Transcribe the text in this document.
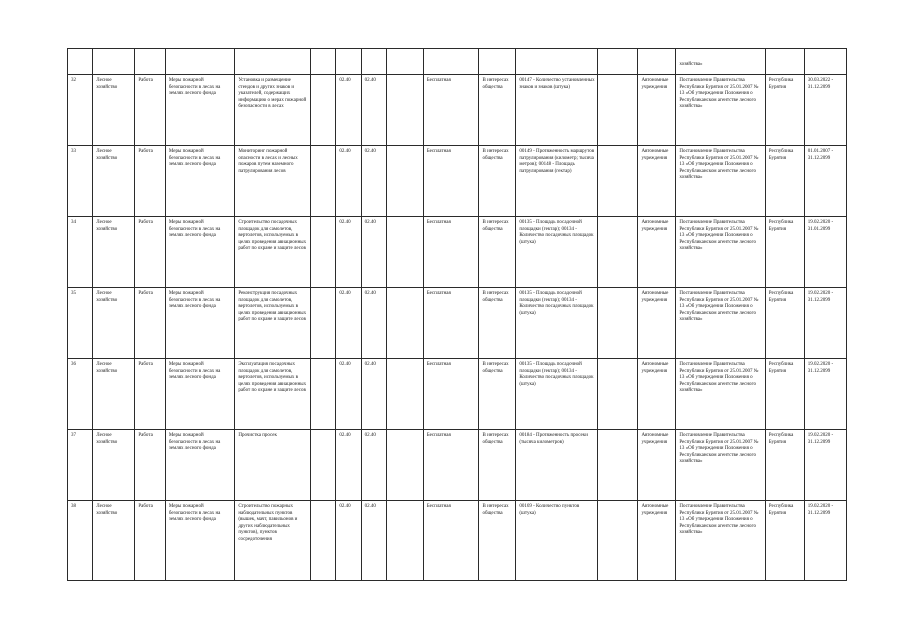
														хозяйства»		

32	Лесное хозяйство	Работа	Меры пожарной безопасности в лесах на землях лесного фонда	Установка и размещение стендов и других знаков и указателей, содержащих информацию о мерах пожарной безопасности в лесах		02.40	02.40		Бесплатная	В интересах общества	00147 - Количество установленных знаков и знаков (штука)		Автономные учреждения	Постановление Правительства Республики Бурятия от 25.01.2007 № 13 «Об утверждении Положения о Республиканском агентстве лесного хозяйства»	Республика Бурятия	30.03.2022 - 31.12.2099

33	Лесное хозяйство	Работа	Меры пожарной безопасности в лесах на землях лесного фонда	Мониторинг пожарной опасности в лесах и лесных пожаров путем наземного патрулирования лесов		02.40	02.40		Бесплатная	В интересах общества	00149 - Протяженность маршрутов патрулирования (километр; тысяча метров); 00148 - Площадь патрулирования (гектар)		Автономные учреждения	Постановление Правительства Республики Бурятия от 25.01.2007 № 13 «Об утверждении Положения о Республиканском агентстве лесного хозяйства»	Республика Бурятия	01.01.2007 - 31.12.2099

34	Лесное хозяйство	Работа	Меры пожарной безопасности в лесах на землях лесного фонда	Строительство посадочных площадок для самолетов, вертолетов, используемых в целях проведения авиационных работ по охране и защите лесов		02.40	02.40		Бесплатная	В интересах общества	00135 - Площадь посадочной площадки (гектар); 00134 - Количество посадочных площадок (штука)		Автономные учреждения	Постановление Правительства Республики Бурятия от 25.01.2007 № 13 «Об утверждении Положения о Республиканском агентстве лесного хозяйства»	Республика Бурятия	19.02.2020 - 31.01.2099

35	Лесное хозяйство	Работа	Меры пожарной безопасности в лесах на землях лесного фонда	Реконструкция посадочных площадок для самолетов, вертолетов, используемых в целях проведения авиационных работ по охране и защите лесов		02.40	02.40		Бесплатная	В интересах общества	00135 - Площадь посадочной площадки (гектар); 00134 - Количество посадочных площадок (штука)		Автономные учреждения	Постановление Правительства Республики Бурятия от 25.01.2007 № 13 «Об утверждении Положения о Республиканском агентстве лесного хозяйства»	Республика Бурятия	19.02.2020 - 31.12.2099

36	Лесное хозяйство	Работа	Меры пожарной безопасности в лесах на землях лесного фонда	Эксплуатация посадочных площадок для самолетов, вертолетов, используемых в целях проведения авиационных работ по охране и защите лесов		02.40	02.40		Бесплатная	В интересах общества	00135 - Площадь посадочной площадки (гектар); 00134 - Количество посадочных площадок (штука)		Автономные учреждения	Постановление Правительства Республики Бурятия от 25.01.2007 № 13 «Об утверждении Положения о Республиканском агентстве лесного хозяйства»	Республика Бурятия	19.02.2020 - 31.12.2099

37	Лесное хозяйство	Работа	Меры пожарной безопасности в лесах на землях лесного фонда	Прочистка просек		02.40	02.40		Бесплатная	В интересах общества	00184 - Протяженность просеки (тысяча километров)		Автономные учреждения	Постановление Правительства Республики Бурятия от 25.01.2007 № 13 «Об утверждении Положения о Республиканском агентстве лесного хозяйства»	Республика Бурятия	19.02.2020 - 31.12.2099

38	Лесное хозяйство	Работа	Меры пожарной безопасности в лесах на землях лесного фонда	Строительство пожарных наблюдательных пунктов (вышек, мачт, павильонов и других наблюдательных пунктов), пунктов сосредоточения		02.40	02.40		Бесплатная	В интересах общества	00169 - Количество пунктов (штука)		Автономные учреждения	Постановление Правительства Республики Бурятия от 25.01.2007 № 13 «Об утверждении Положения о Республиканском агентстве лесного хозяйства»	Республика Бурятия	19.02.2020 - 31.12.2099
